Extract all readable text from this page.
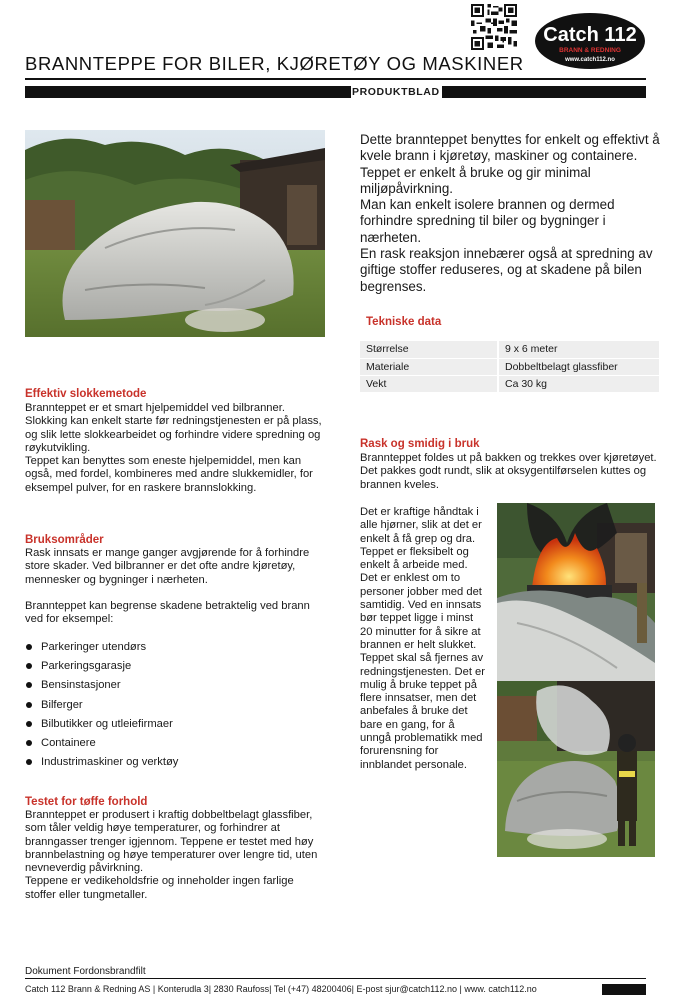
Catch 112
BRANN & REDNING
www.catch112.no
BRANNTEPPE FOR BILER, KJØRETØY OG MASKINER
PRODUKTBLAD

Dette brannteppet benyttes for enkelt og effektivt å kvele brann i kjøretøy, maskiner og containere. Teppet er enkelt å bruke og gir minimal miljøpåvirkning.

Man kan enkelt isolere brannen og dermed forhindre spredning til biler og bygninger i nærheten.

En rask reaksjon innebærer også at spredning av giftige stoffer reduseres, og at skadene på bilen begrenses.

Tekniske data
Størrelse	9 x 6 meter
Materiale	Dobbeltbelagt glassfiber
Vekt	Ca 30 kg
Effektiv slokkemetode

Brannteppet er et smart hjelpemiddel ved bilbranner. Slokking kan enkelt starte før redningstjenesten er på plass, og slik lette slokkearbeidet og forhindre videre spredning og røykutvikling.

Teppet kan benyttes som eneste hjelpemiddel, men kan også, med fordel, kombineres med andre slukkemidler, for eksempel pulver, for en raskere brannslokking.

Rask og smidig i bruk
Brannteppet foldes ut på bakken og trekkes over kjøretøyet. Det pakkes godt rundt, slik at oksygentilførselen kuttes og brannen kveles.
Det er kraftige håndtak i alle hjørner, slik at det er enkelt å få grep og dra. Teppet er fleksibelt og enkelt å arbeide med. Det er enklest om to personer jobber med det samtidig. Ved en innsats bør teppet ligge i minst 20 minutter for å sikre at brannen er helt slukket. Teppet skal så fjernes av redningstjenesten. Det er mulig å bruke teppet på flere innsatser, men det anbefales å bruke det bare en gang, for å unngå problematikk med forurensning for innblandet personale.
Bruksområder

Rask innsats er mange ganger avgjørende for å forhindre store skader. Ved bilbranner er det ofte andre kjøretøy, mennesker og bygninger i nærheten.

Brannteppet kan begrense skadene betraktelig ved brann ved for eksempel:

Parkeringer utendørs
Parkeringsgarasje
Bensinstasjoner
Bilferger
Bilbutikker og utleiefirmaer
Containere
Industrimaskiner og verktøy
Testet for tøffe forhold

Brannteppet er produsert i kraftig dobbeltbelagt glassfiber, som tåler veldig høye temperaturer, og forhindrer at branngasser trenger igjennom. Teppene er testet med høy brannbelastning og høye temperaturer over lengre tid, uten nevneverdig påvirkning.

Teppene er vedikeholdsfrie og inneholder ingen farlige stoffer eller tungmetaller.

Dokument Fordonsbrandfilt
Catch 112 Brann & Redning AS | Konterudla 3| 2830 Raufoss| Tel (+47) 48200406| E-post sjur@catch112.no | www. catch112.no
